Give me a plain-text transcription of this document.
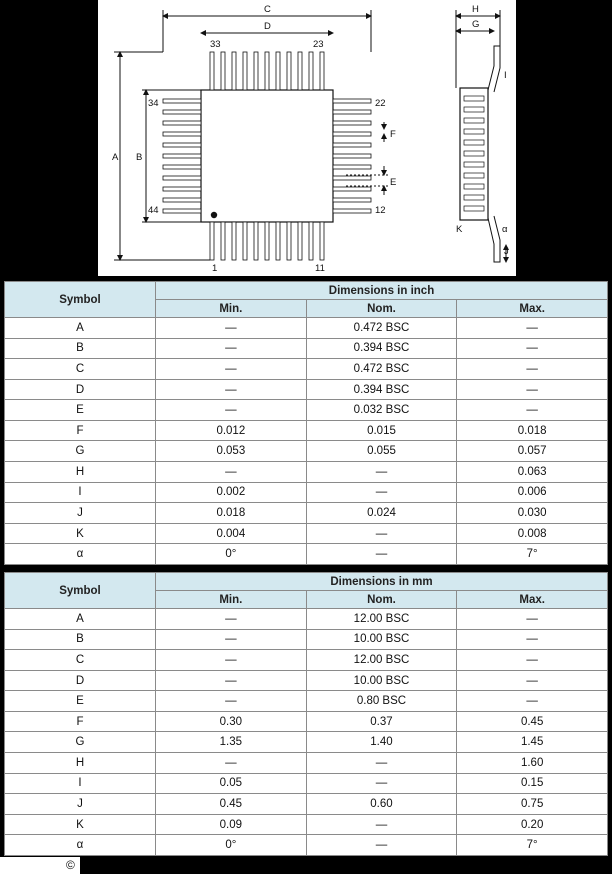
C
D
A B
33	23
34	22
44	12
1	11
F
E
H
G
I
K	α
J
Symbol	Dimensions in inch		
	Min.	Nom.	Max.
A	—	0.472 BSC	—
B	—	0.394 BSC	—
C	—	0.472 BSC	—
D	—	0.394 BSC	—
E	—	0.032 BSC	—
F	0.012	0.015	0.018
G	0.053	0.055	0.057
H	—	—	0.063
I	0.002	—	0.006
J	0.018	0.024	0.030
K	0.004	—	0.008
α	0°	—	7°
Symbol	Dimensions in mm		
	Min.	Nom.	Max.
A	—	12.00 BSC	—
B	—	10.00 BSC	—
C	—	12.00 BSC	—
D	—	10.00 BSC	—
E	—	0.80 BSC	—
F	0.30	0.37	0.45
G	1.35	1.40	1.45
H	—	—	1.60
I	0.05	—	0.15
J	0.45	0.60	0.75
K	0.09	—	0.20
α	0°	—	7°
©
